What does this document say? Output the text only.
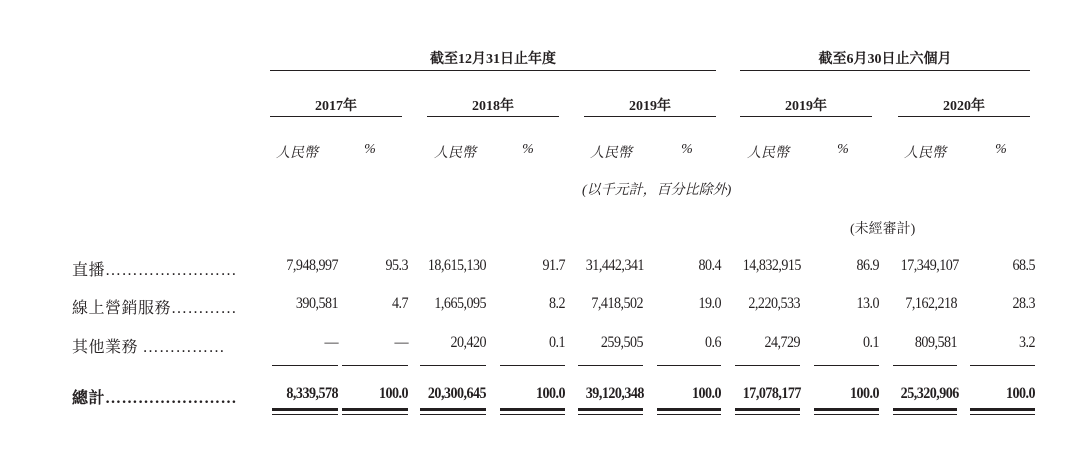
截至12月31日止年度	截至6月30日止六個月
2017年	2018年	2019年	2019年	2020年
人民幣	%	人民幣	%	人民幣	%	人民幣	%	人民幣	%
(以千元計，百分比除外)
(未經審計)
直播……………………	7,948,997	95.3 18,615,130	91.7 31,442,341	80.4 14,832,915	86.9 17,349,107	68.5
線上營銷服務…………	390,581	4.7	1,665,095	8.2	7,418,502	19.0	2,220,533	13.0 7,162,218	28.3
其他業務 ……………	—	—	20,420	0.1	259,505	0.6	24,729	0.1	809,581	3.2
總計……………………	8,339,578	100.0 20,300,645	100.0 39,120,348	100.0 17,078,177	100.0 25,320,906	100.0
